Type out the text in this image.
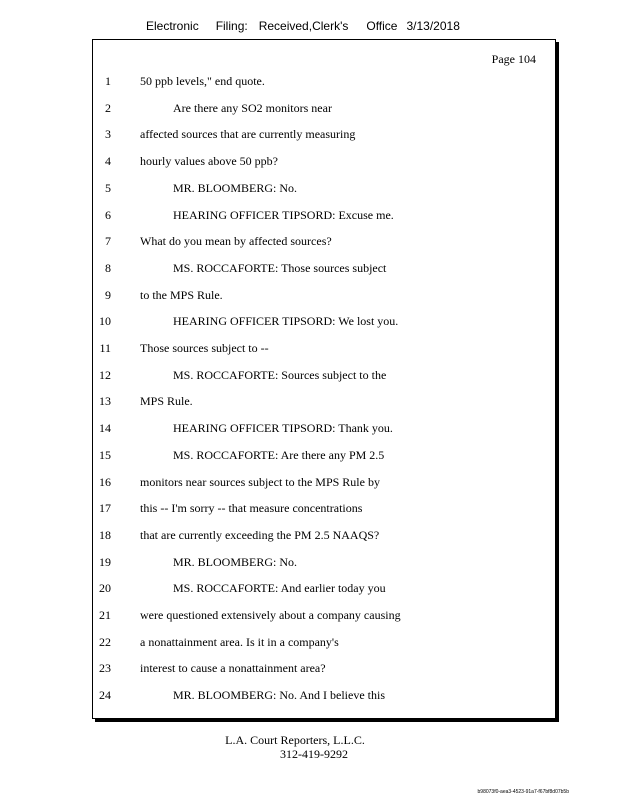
Electronic Filing: Received,Clerk's Office 3/13/2018
Page 104
1 50 ppb levels," end quote.
2	Are there any SO2 monitors near
3 affected sources that are currently measuring
4 hourly values above 50 ppb?
5	MR. BLOOMBERG: No.
6	HEARING OFFICER TIPSORD: Excuse me.
7 What do you mean by affected sources?
8	MS. ROCCAFORTE: Those sources subject
9 to the MPS Rule.
10	HEARING OFFICER TIPSORD: We lost you.
11 Those sources subject to --
12	MS. ROCCAFORTE: Sources subject to the
13 MPS Rule.
14	HEARING OFFICER TIPSORD: Thank you.
15	MS. ROCCAFORTE: Are there any PM 2.5
16 monitors near sources subject to the MPS Rule by
17 this -- I'm sorry -- that measure concentrations
18 that are currently exceeding the PM 2.5 NAAQS?
19	MR. BLOOMBERG: No.
20	MS. ROCCAFORTE: And earlier today you
21 were questioned extensively about a company causing
22 a nonattainment area. Is it in a company's
23 interest to cause a nonattainment area?
24	MR. BLOOMBERG: No. And I believe this
L.A. Court Reporters, L.L.C.
312-419-9292
b98073f0-aea3-4523-91a7-f67bf8d07b5b
